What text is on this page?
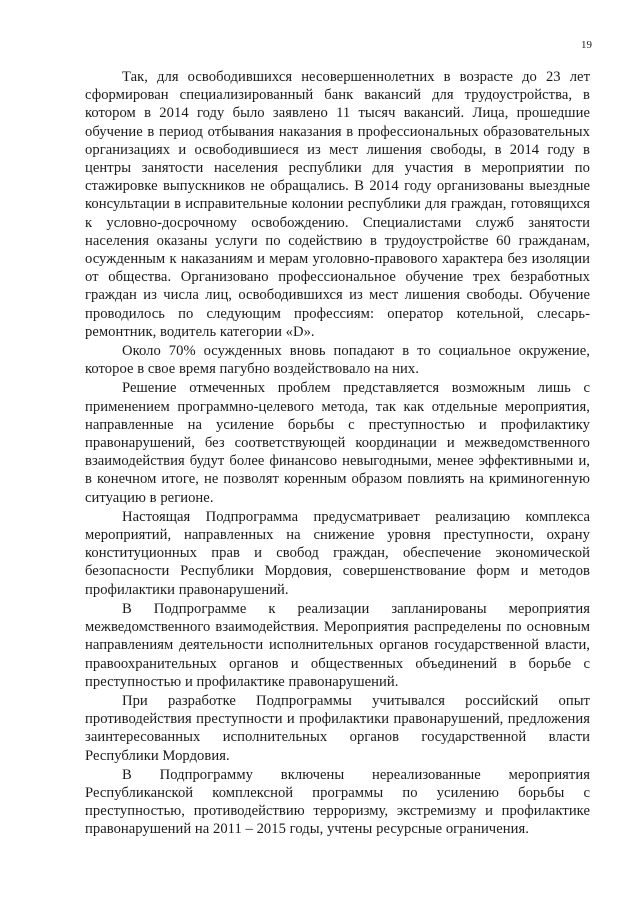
19

Так, для освободившихся несовершеннолетних в возрасте до 23 лет сформирован специализированный банк вакансий для трудоустройства, в котором в 2014 году было заявлено 11 тысяч вакансий. Лица, прошедшие обучение в период отбывания наказания в профессиональных образовательных организациях и освободившиеся из мест лишения свободы, в 2014 году в центры занятости населения республики для участия в мероприятии по стажировке выпускников не обращались. В 2014 году организованы выездные консультации в исправительные колонии республики для граждан, готовящихся к условно-досрочному освобождению. Специалистами служб занятости населения оказаны услуги по содействию в трудоустройстве 60 гражданам, осужденным к наказаниям и мерам уголовно-правового характера без изоляции от общества. Организовано профессиональное обучение трех безработных граждан из числа лиц, освободившихся из мест лишения свободы. Обучение проводилось по следующим профессиям: оператор котельной, слесарь-ремонтник, водитель категории «D».

Около 70% осужденных вновь попадают в то социальное окружение, которое в свое время пагубно воздействовало на них.

Решение отмеченных проблем представляется возможным лишь с применением программно-целевого метода, так как отдельные мероприятия, направленные на усиление борьбы с преступностью и профилактику правонарушений, без соответствующей координации и межведомственного взаимодействия будут более финансово невыгодными, менее эффективными и, в конечном итоге, не позволят коренным образом повлиять на криминогенную ситуацию в регионе.

Настоящая Подпрограмма предусматривает реализацию комплекса мероприятий, направленных на снижение уровня преступности, охрану конституционных прав и свобод граждан, обеспечение экономической безопасности Республики Мордовия, совершенствование форм и методов профилактики правонарушений.

В Подпрограмме к реализации запланированы мероприятия межведомственного взаимодействия. Мероприятия распределены по основным направлениям деятельности исполнительных органов государственной власти, правоохранительных органов и общественных объединений в борьбе с преступностью и профилактике правонарушений.

При разработке Подпрограммы учитывался российский опыт противодействия преступности и профилактики правонарушений, предложения заинтересованных исполнительных органов государственной власти Республики Мордовия.

В Подпрограмму включены нереализованные мероприятия Республиканской комплексной программы по усилению борьбы с преступностью, противодействию терроризму, экстремизму и профилактике правонарушений на 2011 – 2015 годы, учтены ресурсные ограничения.
